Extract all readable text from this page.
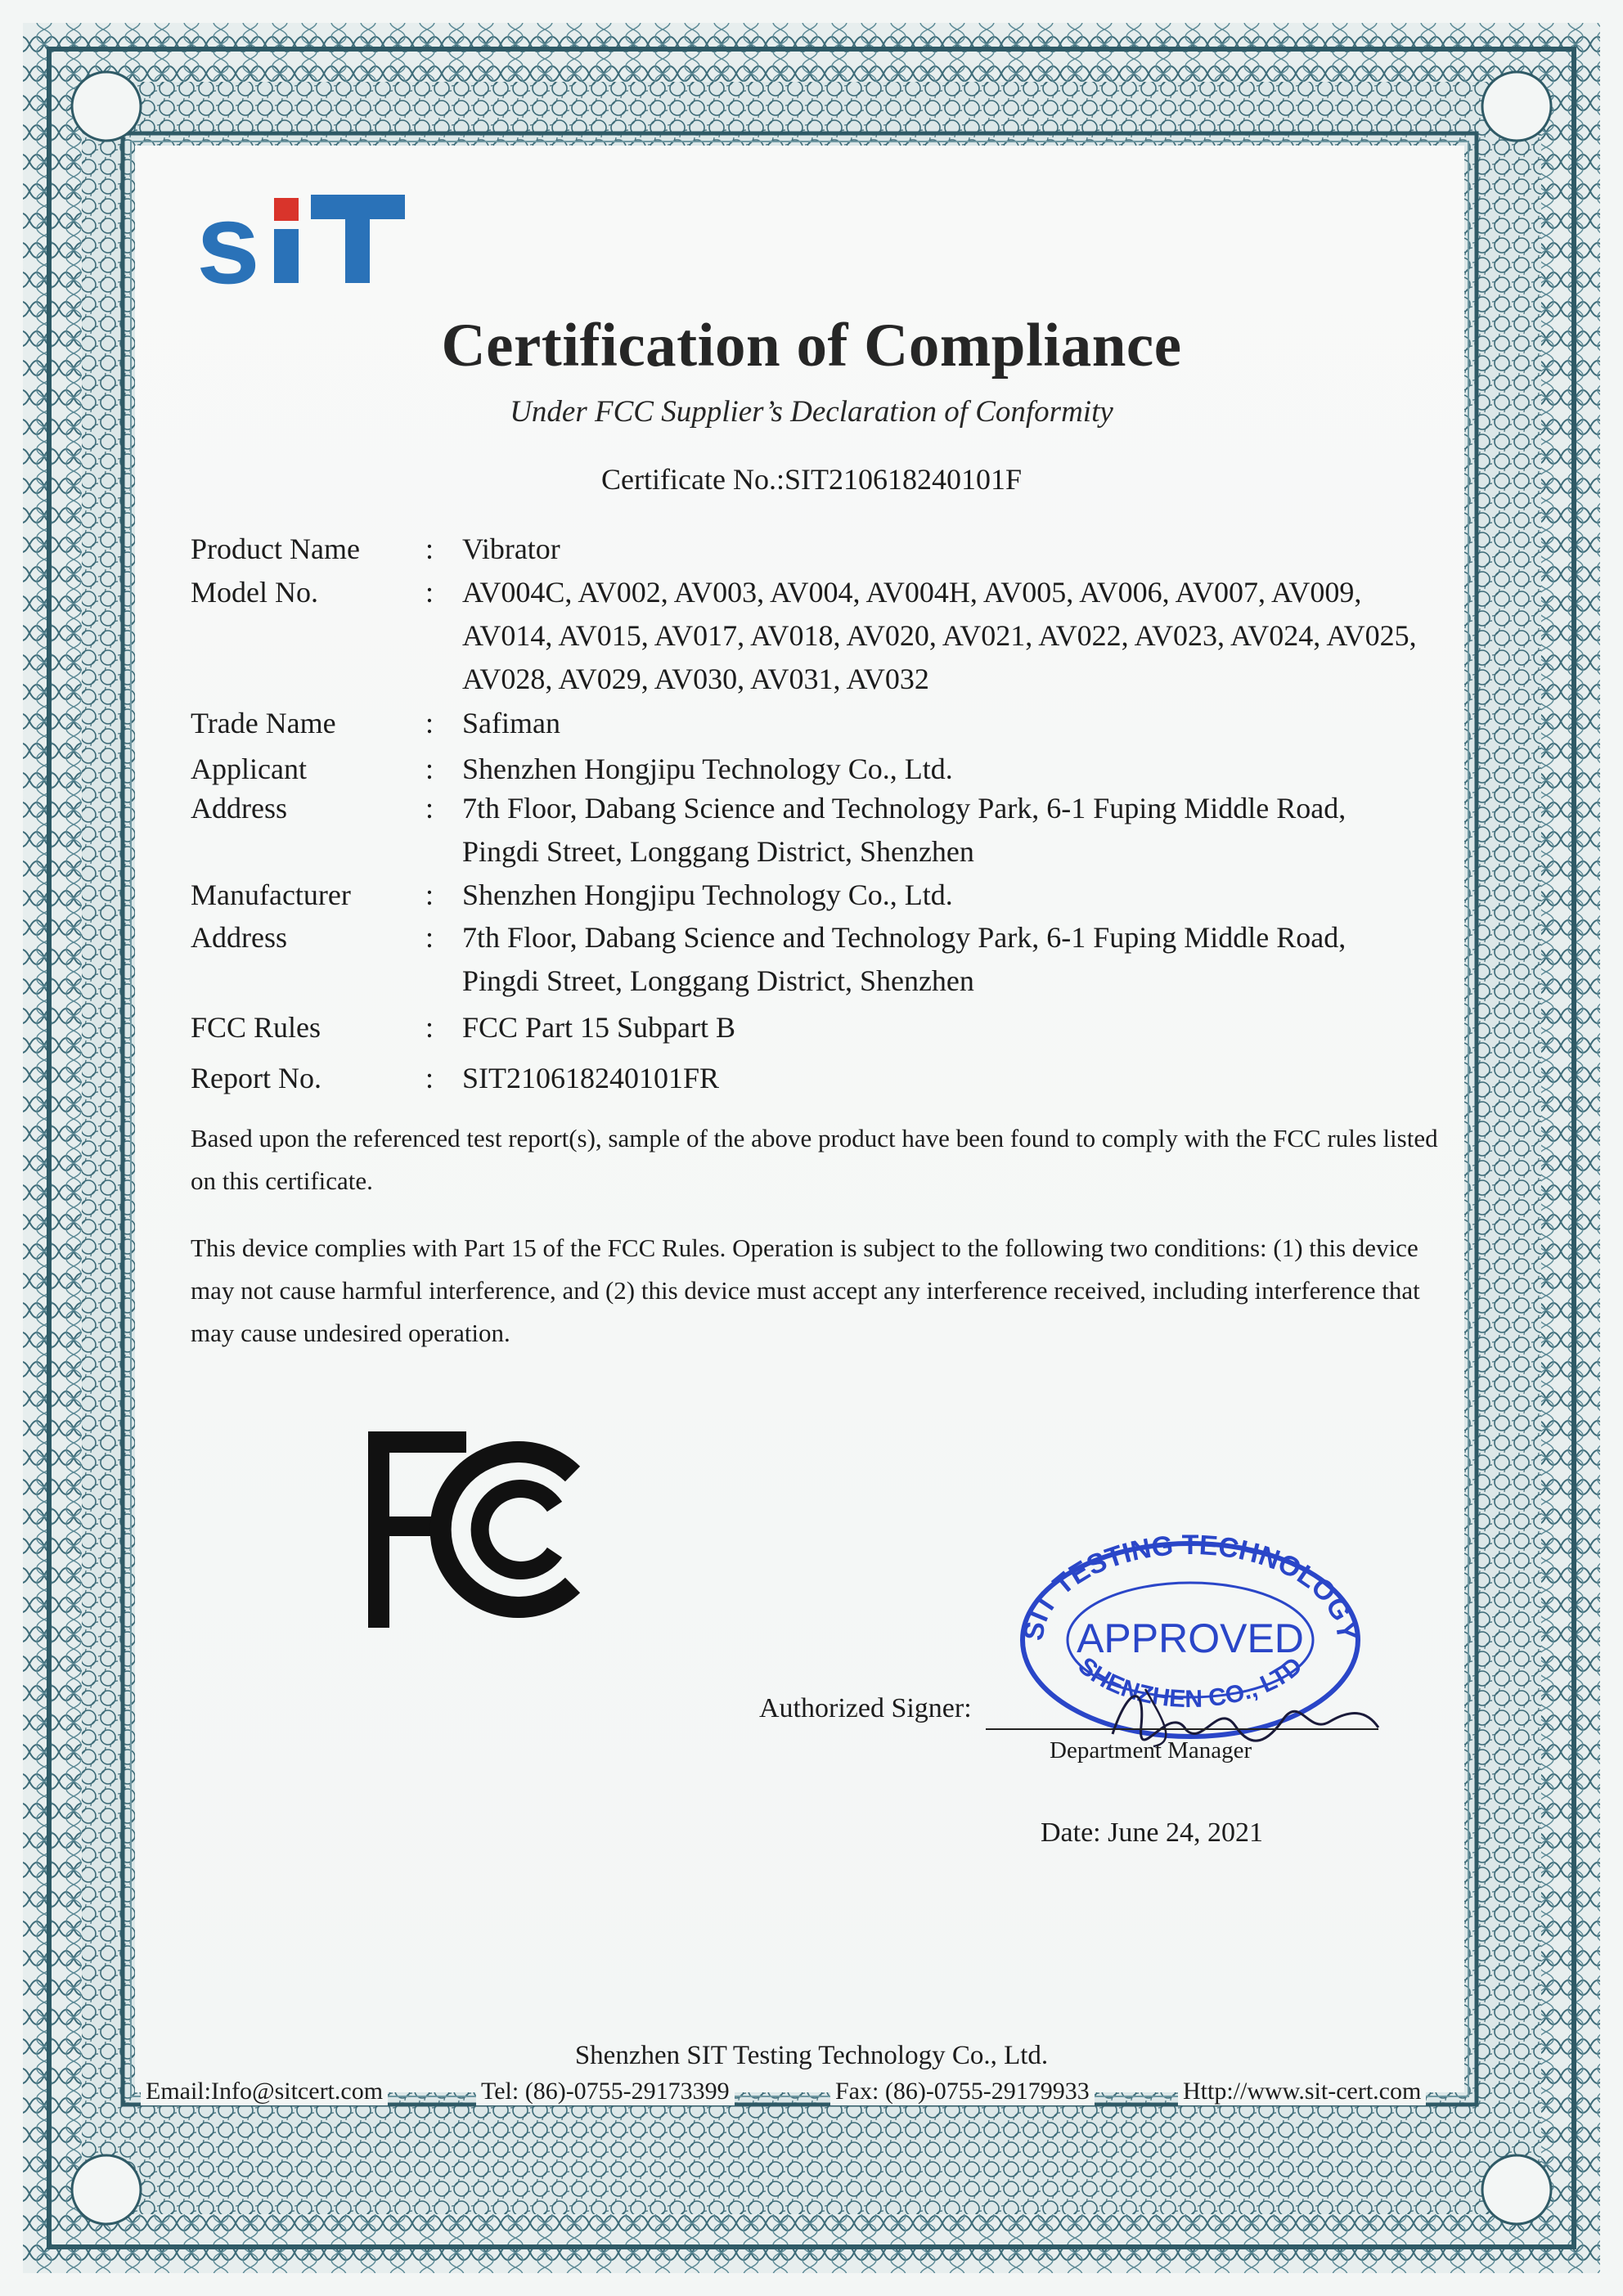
s
Certification of Compliance
Under FCC Supplier’s Declaration of Conformity
Certificate No.:SIT210618240101F
Product Name : Vibrator
Model No.	: AV004C, AV002, AV003, AV004, AV004H, AV005, AV006, AV007, AV009, AV014, AV015, AV017, AV018, AV020, AV021, AV022, AV023, AV024, AV025, AV028, AV029, AV030, AV031, AV032
Trade Name	: Safiman
Applicant	: Shenzhen Hongjipu Technology Co., Ltd.
Address	: 7th Floor, Dabang Science and Technology Park, 6-1 Fuping Middle Road, Pingdi Street, Longgang District, Shenzhen
Manufacturer	: Shenzhen Hongjipu Technology Co., Ltd.
Address	: 7th Floor, Dabang Science and Technology Park, 6-1 Fuping Middle Road, Pingdi Street, Longgang District, Shenzhen
FCC Rules	: FCC Part 15 Subpart B
Report No.	: SIT210618240101FR
Based upon the referenced test report(s), sample of the above product have been found to comply with the FCC rules listed on this certificate.
This device complies with Part 15 of the FCC Rules. Operation is subject to the following two conditions: (1) this device may not cause harmful interference, and (2) this device must accept any interference received, including interference that may cause undesired operation.
SIT TESTING TECHNOLOGY
SHENZHEN CO., LTD
APPROVED
Authorized Signer:
Department Manager
Date: June 24, 2021
Shenzhen SIT Testing Technology Co., Ltd.
Email:Info@sitcert.com	Tel: (86)-0755-29173399	Fax: (86)-0755-29179933	Http://www.sit-cert.com
